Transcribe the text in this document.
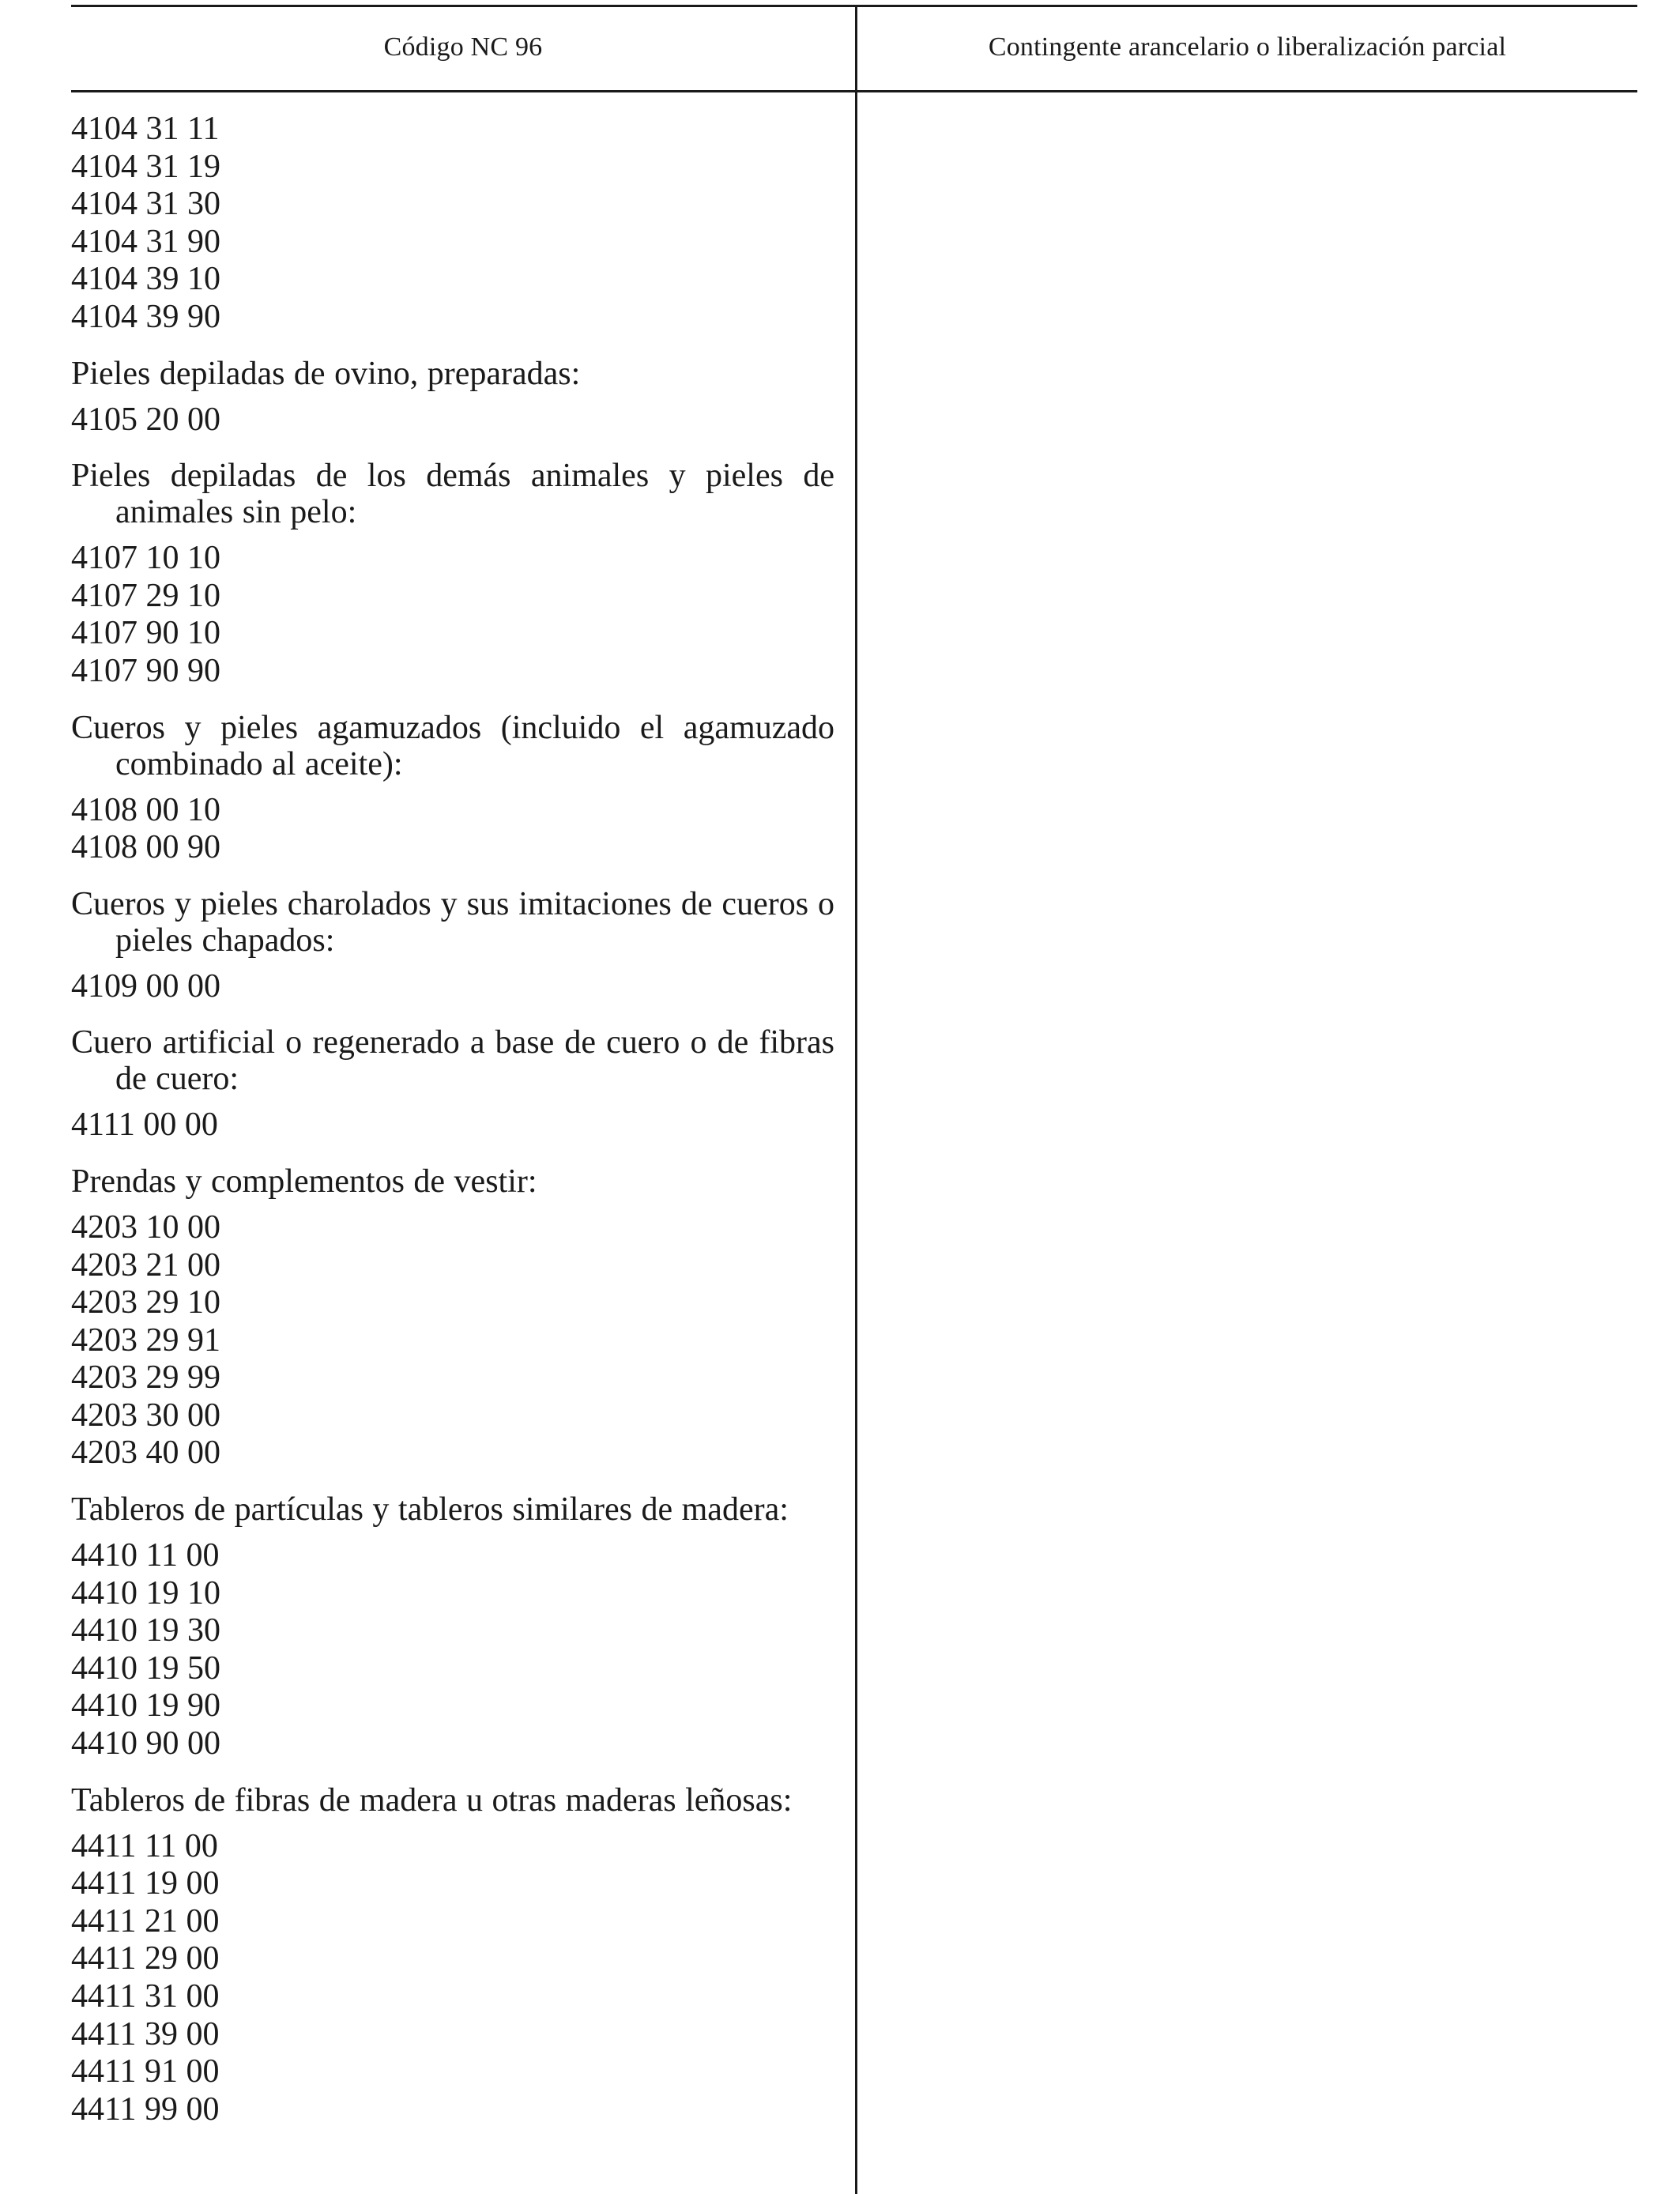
Código NC 96	Contingente arancelario o liberalización parcial
4104 31 11
4104 31 19
4104 31 30
4104 31 90
4104 39 10
4104 39 90
Pieles depiladas de ovino, preparadas:
4105 20 00
Pieles depiladas de los demás animales y pieles de animales sin pelo:
4107 10 10
4107 29 10
4107 90 10
4107 90 90
Cueros y pieles agamuzados (incluido el agamuzado combinado al aceite):
4108 00 10
4108 00 90
Cueros y pieles charolados y sus imitaciones de cueros o pieles chapados:
4109 00 00
Cuero artificial o regenerado a base de cuero o de fibras de cuero:
4111 00 00
Prendas y complementos de vestir:
4203 10 00
4203 21 00
4203 29 10
4203 29 91
4203 29 99
4203 30 00
4203 40 00
Tableros de partículas y tableros similares de madera:
4410 11 00
4410 19 10
4410 19 30
4410 19 50
4410 19 90
4410 90 00
Tableros de fibras de madera u otras maderas leñosas:
4411 11 00
4411 19 00
4411 21 00
4411 29 00
4411 31 00
4411 39 00
4411 91 00
4411 99 00
